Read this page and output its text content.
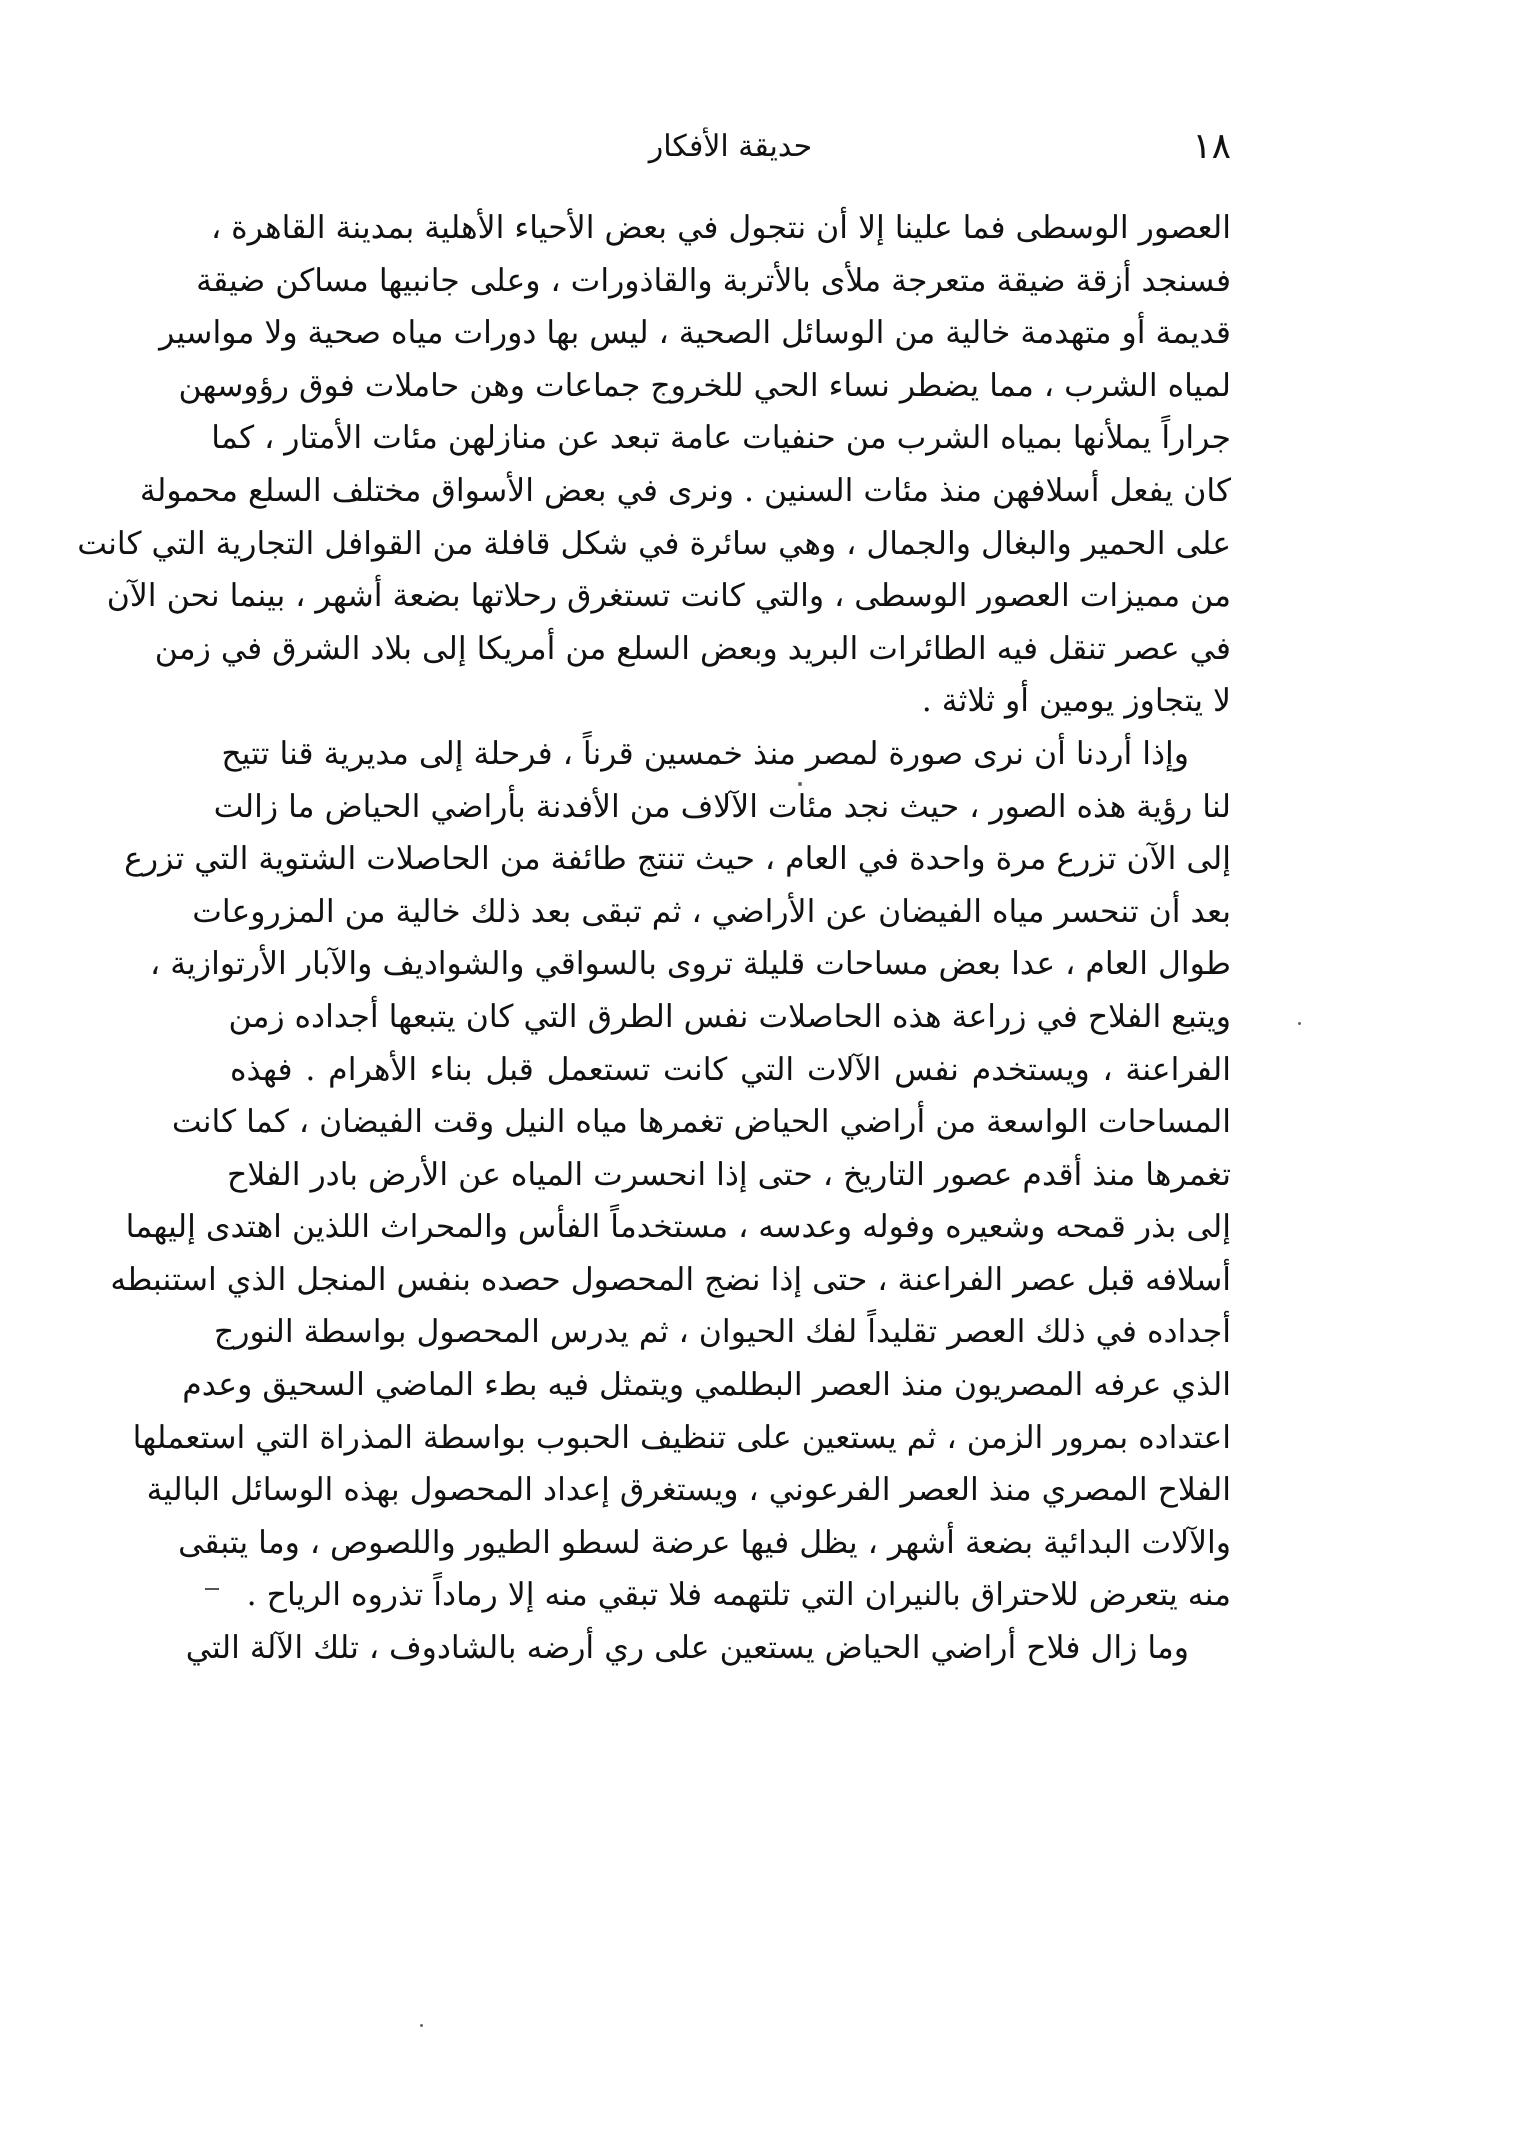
١٨
حديقة الأفكار
العصور الوسطى فما علينا إلا أن نتجول في بعض الأحياء الأهلية بمدينة القاهرة ،
فسنجد أزقة ضيقة متعرجة ملأى بالأتربة والقاذورات ، وعلى جانبيها مساكن ضيقة
قديمة أو متهدمة خالية من الوسائل الصحية ، ليس بها دورات مياه صحية ولا مواسير
لمياه الشرب ، مما يضطر نساء الحي للخروج جماعات وهن حاملات فوق رؤوسهن
جراراً يملأنها بمياه الشرب من حنفيات عامة تبعد عن منازلهن مئات الأمتار ، كما
كان يفعل أسلافهن منذ مئات السنين . ونرى في بعض الأسواق مختلف السلع محمولة
على الحمير والبغال والجمال ، وهي سائرة في شكل قافلة من القوافل التجارية التي كانت
من مميزات العصور الوسطى ، والتي كانت تستغرق رحلاتها بضعة أشهر ، بينما نحن الآن
في عصر تنقل فيه الطائرات البريد وبعض السلع من أمريكا إلى بلاد الشرق في زمن
لا يتجاوز يومين أو ثلاثة .
وإذا أردنا أن نرى صورة لمصر منذ خمسين قرناً ، فرحلة إلى مديرية قنا تتيح
لنا رؤية هذه الصور ، حيث نجد مئات الآلاف من الأفدنة بأراضي الحياض ما زالت
إلى الآن تزرع مرة واحدة في العام ، حيث تنتج طائفة من الحاصلات الشتوية التي تزرع
بعد أن تنحسر مياه الفيضان عن الأراضي ، ثم تبقى بعد ذلك خالية من المزروعات
طوال العام ، عدا بعض مساحات قليلة تروى بالسواقي والشواديف والآبار الأرتوازية ،
ويتبع الفلاح في زراعة هذه الحاصلات نفس الطرق التي كان يتبعها أجداده زمن
الفراعنة ، ويستخدم نفس الآلات التي كانت تستعمل قبل بناء الأهرام . فهذه
المساحات الواسعة من أراضي الحياض تغمرها مياه النيل وقت الفيضان ، كما كانت
تغمرها منذ أقدم عصور التاريخ ، حتى إذا انحسرت المياه عن الأرض بادر الفلاح
إلى بذر قمحه وشعيره وفوله وعدسه ، مستخدماً الفأس والمحراث اللذين اهتدى إليهما
أسلافه قبل عصر الفراعنة ، حتى إذا نضج المحصول حصده بنفس المنجل الذي استنبطه
أجداده في ذلك العصر تقليداً لفك الحيوان ، ثم يدرس المحصول بواسطة النورج
الذي عرفه المصريون منذ العصر البطلمي ويتمثل فيه بطء الماضي السحيق وعدم
اعتداده بمرور الزمن ، ثم يستعين على تنظيف الحبوب بواسطة المذراة التي استعملها
الفلاح المصري منذ العصر الفرعوني ، ويستغرق إعداد المحصول بهذه الوسائل البالية
والآلات البدائية بضعة أشهر ، يظل فيها عرضة لسطو الطيور واللصوص ، وما يتبقى
منه يتعرض للاحتراق بالنيران التي تلتهمه فلا تبقي منه إلا رماداً تذروه الرياح .
وما زال فلاح أراضي الحياض يستعين على ري أرضه بالشادوف ، تلك الآلة التي
